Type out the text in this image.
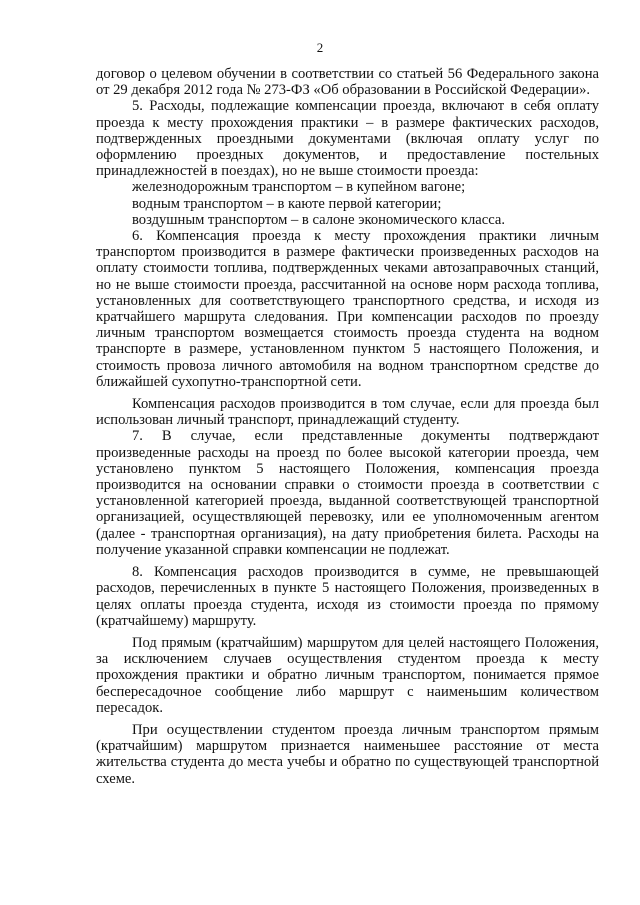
2

договор о целевом обучении в соответствии со статьей 56 Федерального закона от 29 декабря 2012 года № 273-ФЗ «Об образовании в Российской Федерации».

5. Расходы, подлежащие компенсации проезда, включают в себя оплату проезда к месту прохождения практики – в размере фактических расходов, подтвержденных проездными документами (включая оплату услуг по оформлению проездных документов, и предоставление постельных принадлежностей в поездах), но не выше стоимости проезда:

железнодорожным транспортом – в купейном вагоне;

водным транспортом – в каюте первой категории;

воздушным транспортом – в салоне экономического класса.

6. Компенсация проезда к месту прохождения практики личным транспортом производится в размере фактически произведенных расходов на оплату стоимости топлива, подтвержденных чеками автозаправочных станций, но не выше стоимости проезда, рассчитанной на основе норм расхода топлива, установленных для соответствующего транспортного средства, и исходя из кратчайшего маршрута следования. При компенсации расходов по проезду личным транспортом возмещается стоимость проезда студента на водном транспорте в размере, установленном пунктом 5 настоящего Положения, и стоимость провоза личного автомобиля на водном транспортном средстве до ближайшей сухопутно-транспортной сети.

Компенсация расходов производится в том случае, если для проезда был использован личный транспорт, принадлежащий студенту.

7. В случае, если представленные документы подтверждают произведенные расходы на проезд по более высокой категории проезда, чем установлено пунктом 5 настоящего Положения, компенсация проезда производится на основании справки о стоимости проезда в соответствии с установленной категорией проезда, выданной соответствующей транспортной организацией, осуществляющей перевозку, или ее уполномоченным агентом (далее - транспортная организация), на дату приобретения билета. Расходы на получение указанной справки компенсации не подлежат.

8. Компенсация расходов производится в сумме, не превышающей расходов, перечисленных в пункте 5 настоящего Положения, произведенных в целях оплаты проезда студента, исходя из стоимости проезда по прямому (кратчайшему) маршруту.

Под прямым (кратчайшим) маршрутом для целей настоящего Положения, за исключением случаев осуществления студентом проезда к месту прохождения практики и обратно личным транспортом, понимается прямое беспересадочное сообщение либо маршрут с наименьшим количеством пересадок.

При осуществлении студентом проезда личным транспортом прямым (кратчайшим) маршрутом признается наименьшее расстояние от места жительства студента до места учебы и обратно по существующей транспортной схеме.
